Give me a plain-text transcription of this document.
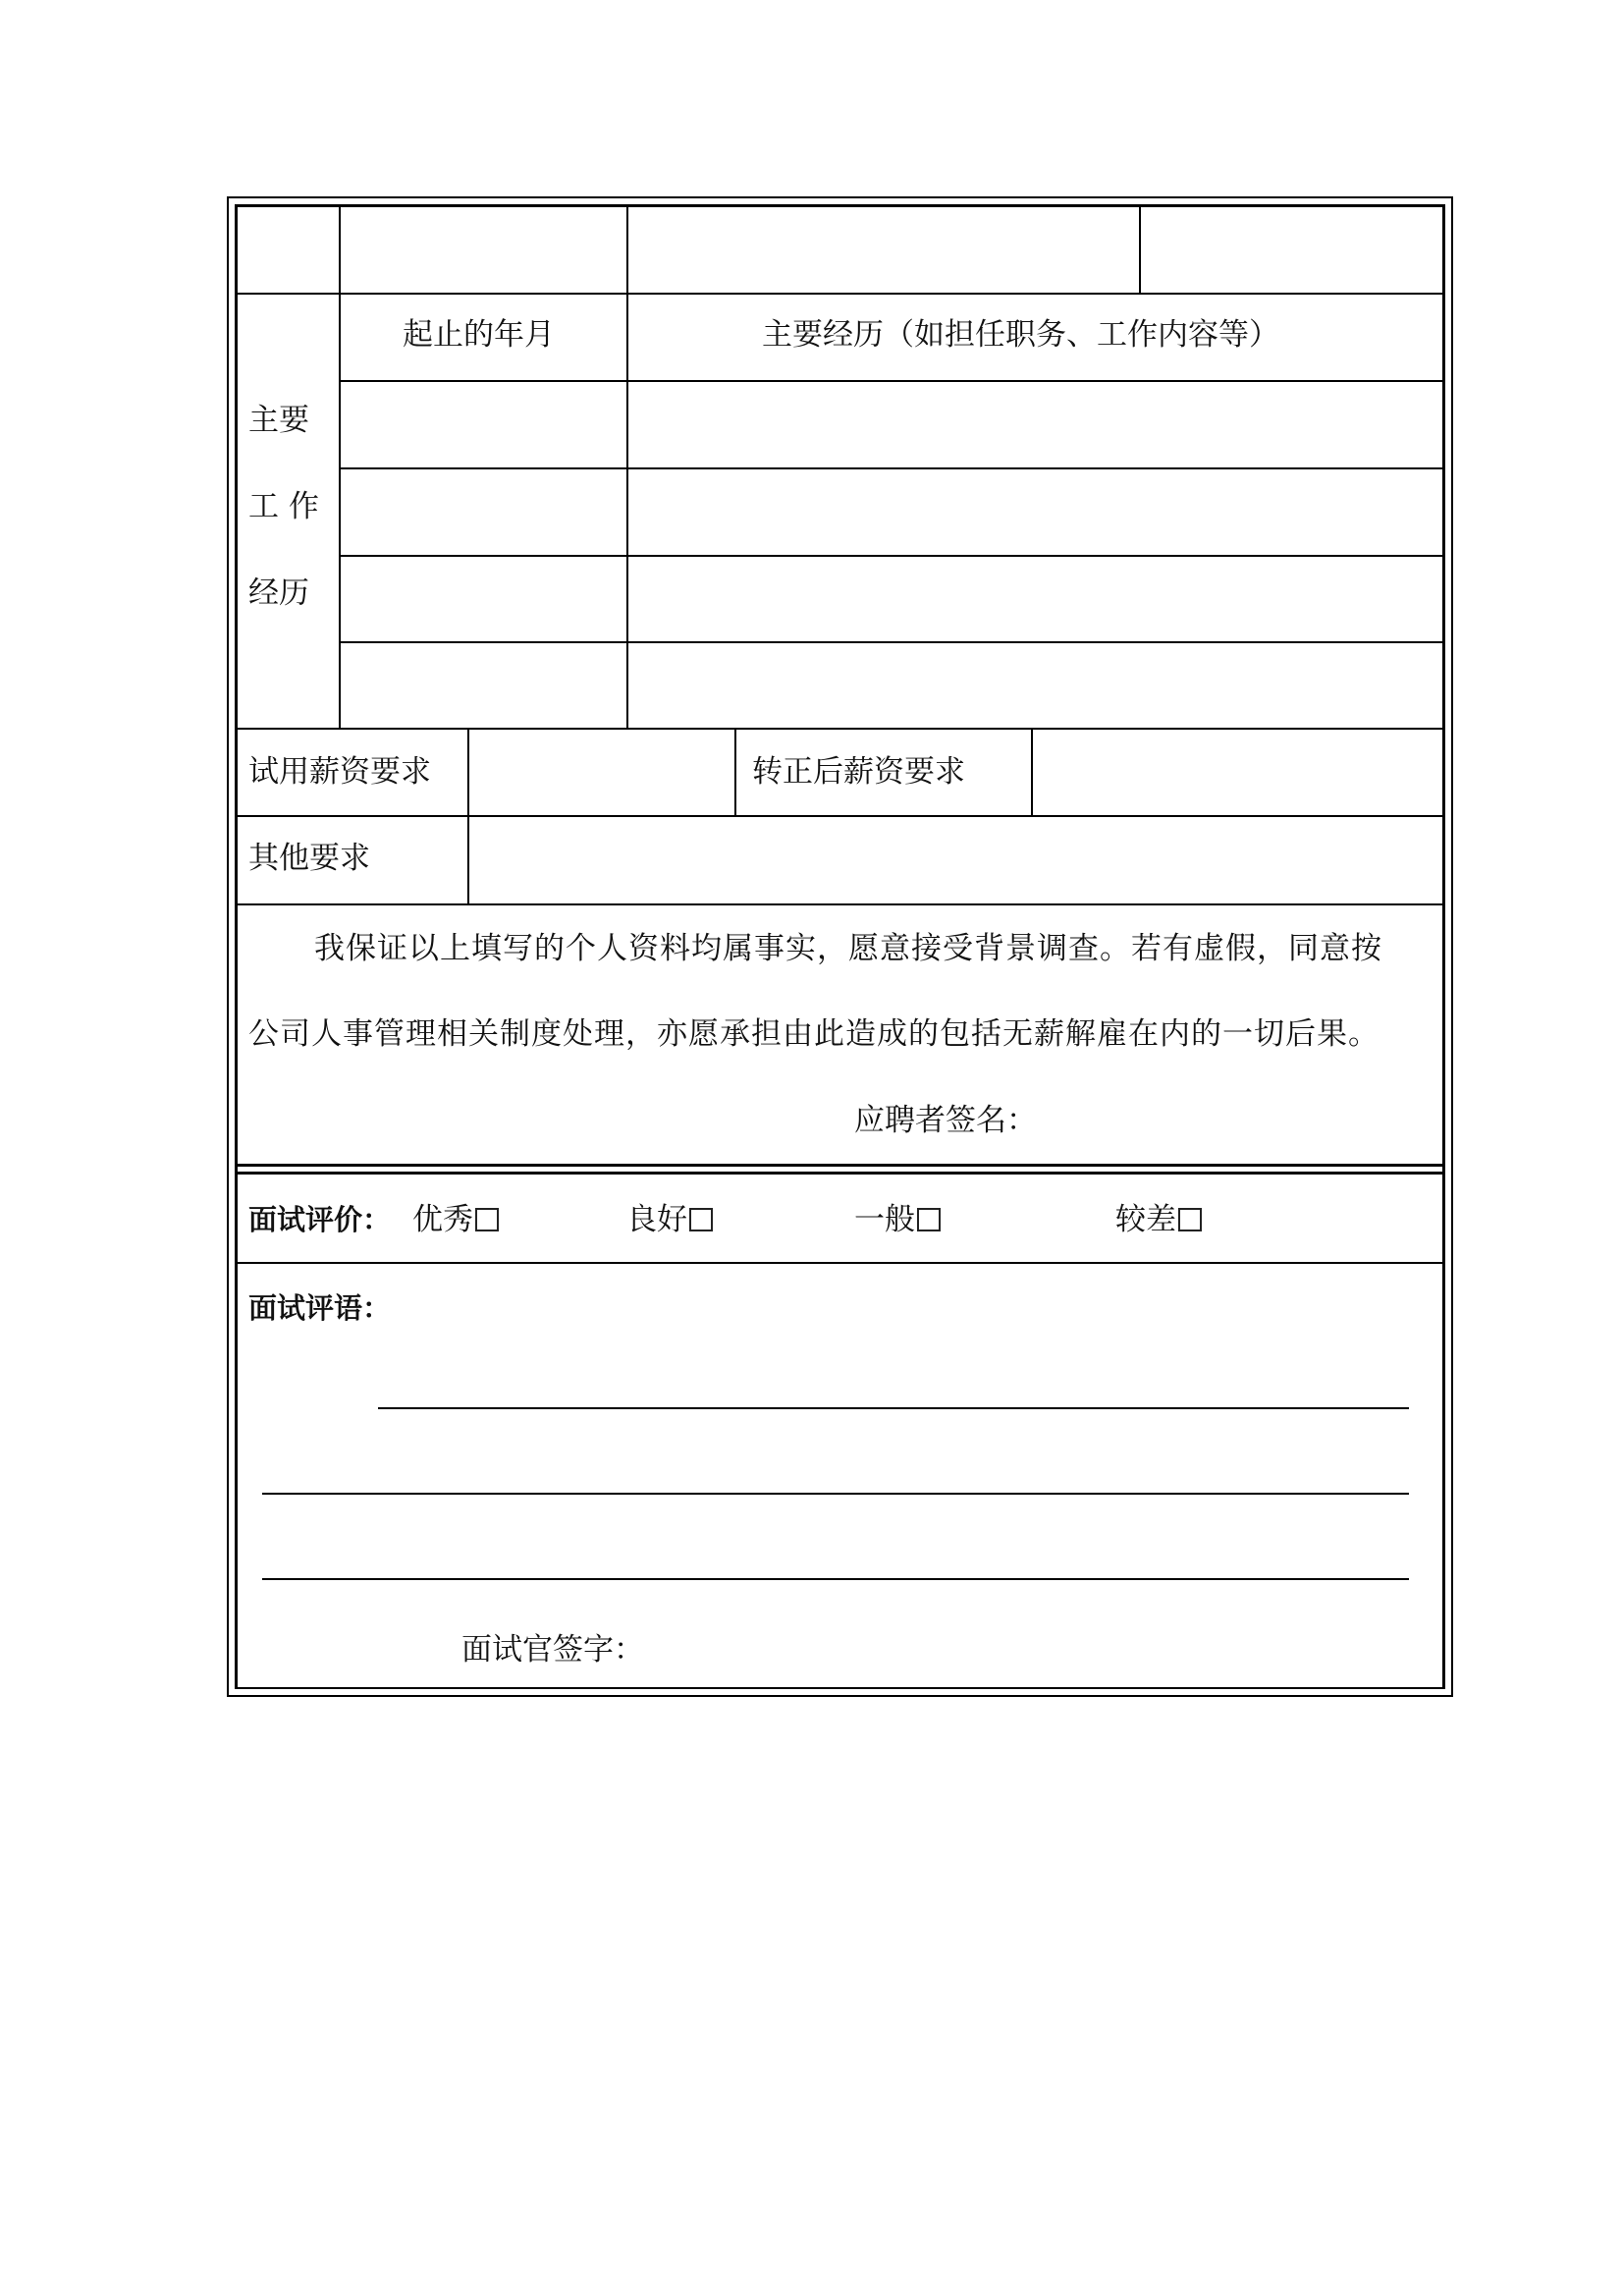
主要
工 作
经历
起止的年月	主要经历（如担任职务、工作内容等）
试用薪资要求	转正后薪资要求
其他要求
我保证以上填写的个人资料均属事实，愿意接受背景调查。若有虚假，同意按
公司人事管理相关制度处理，亦愿承担由此造成的包括无薪解雇在内的一切后果。
应聘者签名：
面试评价： 优秀	良好	一般	较差
面试评语：
面试官签字：
